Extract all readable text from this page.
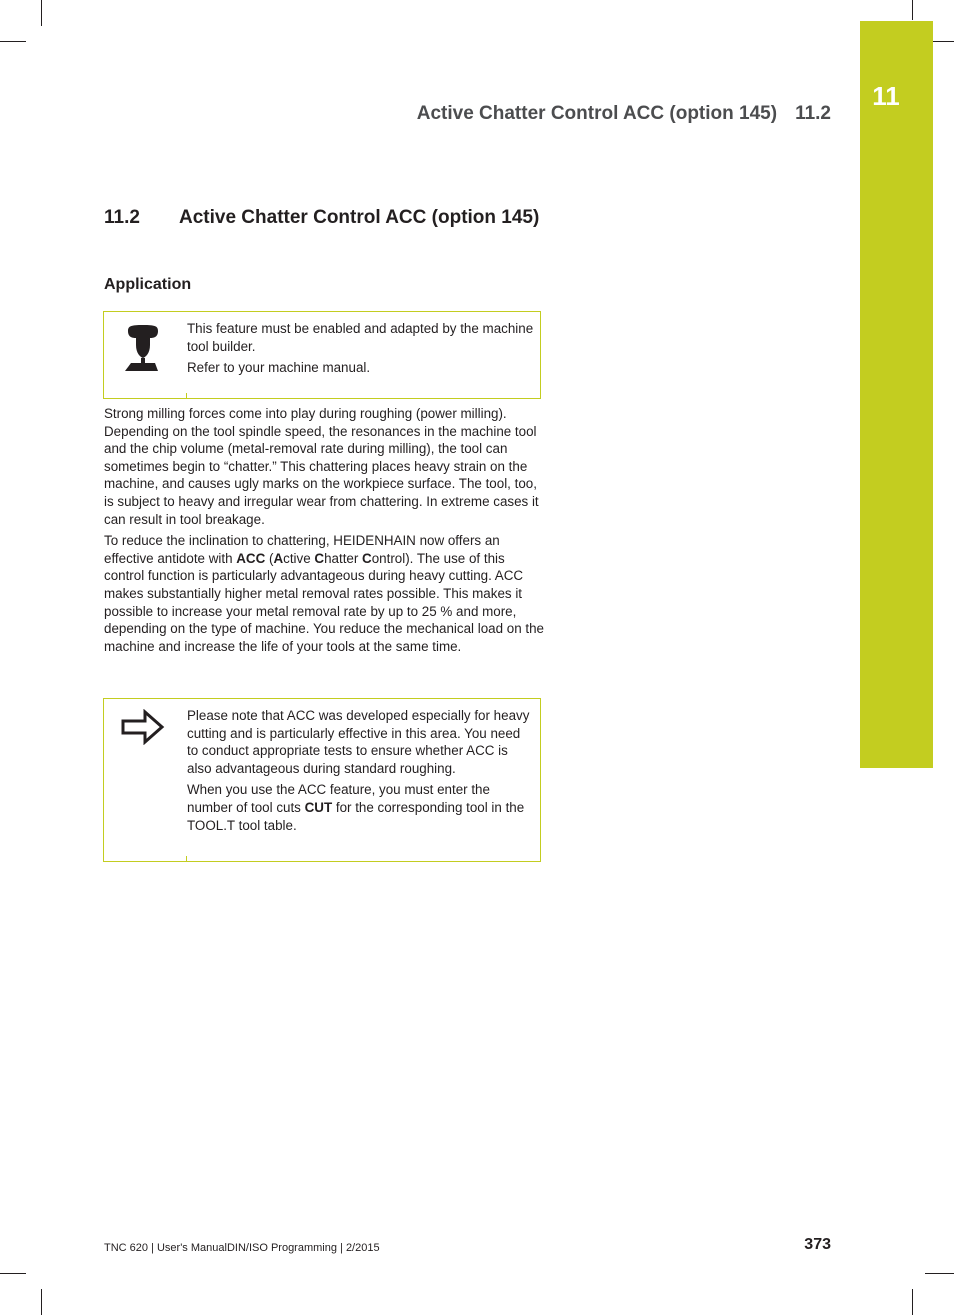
11
Active Chatter Control ACC (option 145) 11.2
11.2 Active Chatter Control ACC (option 145)
Application

This feature must be enabled and adapted by the machine tool builder.

Refer to your machine manual.

Strong milling forces come into play during roughing (power milling). Depending on the tool spindle speed, the resonances in the machine tool and the chip volume (metal-removal rate during milling), the tool can sometimes begin to “chatter.” This chattering places heavy strain on the machine, and causes ugly marks on the workpiece surface. The tool, too, is subject to heavy and irregular wear from chattering. In extreme cases it can result in tool breakage.

To reduce the inclination to chattering, HEIDENHAIN now offers an effective antidote with ACC (Active Chatter Control). The use of this control function is particularly advantageous during heavy cutting. ACC makes substantially higher metal removal rates possible. This makes it possible to increase your metal removal rate by up to 25 % and more, depending on the type of machine. You reduce the mechanical load on the machine and increase the life of your tools at the same time.

Please note that ACC was developed especially for heavy cutting and is particularly effective in this area. You need to conduct appropriate tests to ensure whether ACC is also advantageous during standard roughing.

When you use the ACC feature, you must enter the number of tool cuts CUT for the corresponding tool in the TOOL.T tool table.

TNC 620 | User's ManualDIN/ISO Programming | 2/2015	373
